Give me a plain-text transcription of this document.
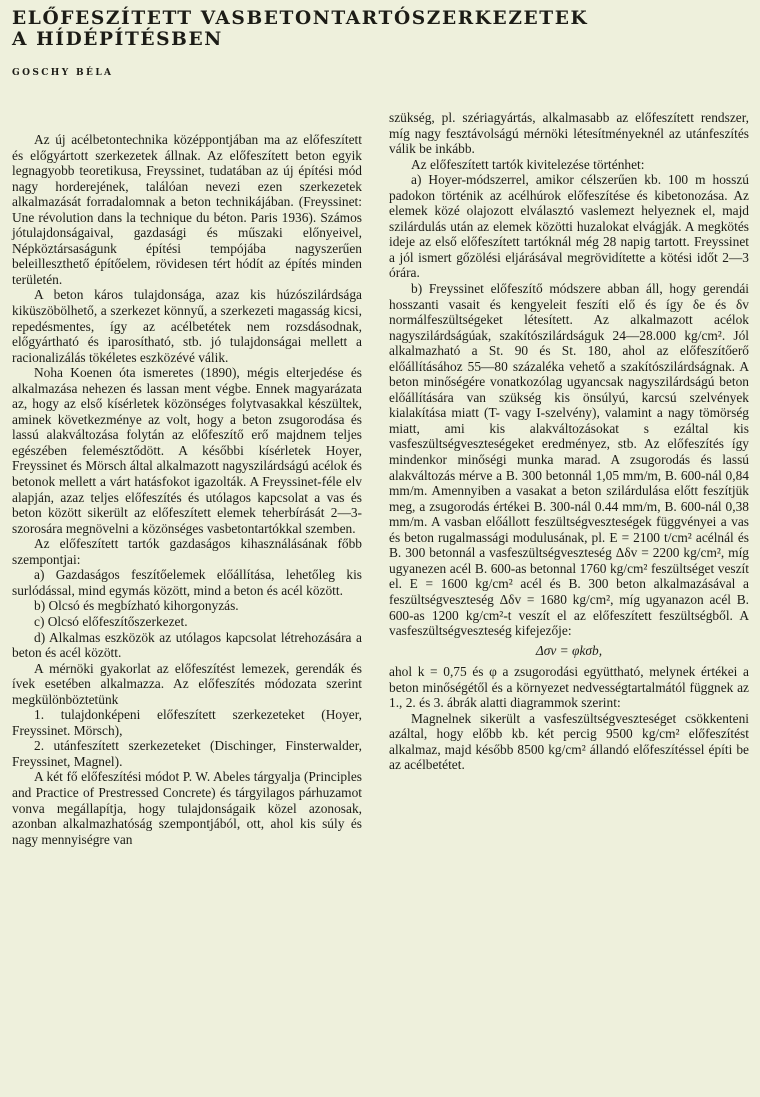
ELŐFESZÍTETT VASBETONTARTÓSZERKEZETEK
A HÍDÉPÍTÉSBEN
GOSCHY BÉLA

Az új acélbetontechnika középpontjában ma az előfeszített és előgyártott szerkezetek állnak. Az előfeszített beton egyik legnagyobb teoretikusa, Freyssinet, tudatában az új építési mód nagy horderejének, találóan nevezi ezen szerkezetek alkalmazását forradalomnak a beton technikájában. (Freyssinet: Une révolution dans la technique du béton. Paris 1936). Számos jótulajdonságaival, gazdasági és műszaki előnyeivel, Népköztársaságunk építési tempójába nagyszerűen beleilleszthető építőelem, rövidesen tért hódít az építés minden területén.

A beton káros tulajdonsága, azaz kis húzószilárdsága kiküszöbölhető, a szerkezet könnyű, a szerkezeti magasság kicsi, repedésmentes, így az acélbetétek nem rozsdásodnak, előgyártható és iparosítható, stb. jó tulajdonságai mellett a racionalizálás tökéletes eszközévé válik.

Noha Koenen óta ismeretes (1890), mégis elterjedése és alkalmazása nehezen és lassan ment végbe. Ennek magyarázata az, hogy az első kísérletek közönséges folytvasakkal készültek, aminek következménye az volt, hogy a beton zsugorodása és lassú alakváltozása folytán az előfeszítő erő majdnem teljes egészében felemésztődött. A későbbi kísérletek Hoyer, Freyssinet és Mörsch által alkalmazott nagyszilárdságú acélok és betonok mellett a várt hatásfokot igazolták. A Freyssinet-féle elv alapján, azaz teljes előfeszítés és utólagos kapcsolat a vas és beton között sikerült az előfeszített elemek teherbírását 2—3-szorosára megnövelni a közönséges vasbetontartókkal szemben.

Az előfeszített tartók gazdaságos kihasználásának főbb szempontjai:

a) Gazdaságos feszítőelemek előállítása, lehetőleg kis surlódással, mind egymás között, mind a beton és acél között.

b) Olcsó és megbízható kihorgonyzás.

c) Olcsó előfeszítőszerkezet.

d) Alkalmas eszközök az utólagos kapcsolat létrehozására a beton és acél között.

A mérnöki gyakorlat az előfeszítést lemezek, gerendák és ívek esetében alkalmazza. Az előfeszítés módozata szerint megkülönböztetünk

1. tulajdonképeni előfeszített szerkezeteket (Hoyer, Freyssinet. Mörsch),

2. utánfeszített szerkezeteket (Dischinger, Finsterwalder, Freyssinet, Magnel).

A két fő előfeszítési módot P. W. Abeles tárgyalja (Principles and Practice of Prestressed Concrete) és tárgyilagos párhuzamot vonva megállapítja, hogy tulajdonságaik közel azonosak, azonban alkalmazhatóság szempontjából, ott, ahol kis súly és nagy mennyiségre van

szükség, pl. szériagyártás, alkalmasabb az előfeszített rendszer, míg nagy fesztávolságú mérnöki létesítményeknél az utánfeszítés válik be inkább.

Az előfeszített tartók kivitelezése történhet:

a) Hoyer-módszerrel, amikor célszerűen kb. 100 m hosszú padokon történik az acélhúrok előfeszítése és kibetonozása. Az elemek közé olajozott elválasztó vaslemezt helyeznek el, majd szilárdulás után az elemek közötti huzalokat elvágják. A megkötés ideje az első előfeszített tartóknál még 28 napig tartott. Freyssinet a jól ismert gőzölési eljárásával megrövidítette a kötési időt 2—3 órára.

b) Freyssinet előfeszítő módszere abban áll, hogy gerendái hosszanti vasait és kengyeleit feszíti elő és így δe és δv normálfeszültségeket létesített. Az alkalmazott acélok nagyszilárdságúak, szakítószilárdságuk 24—28.000 kg/cm². Jól alkalmazható a St. 90 és St. 180, ahol az előfeszítőerő előállításához 55—80 százaléka vehető a szakítószilárdságnak. A beton minőségére vonatkozólag ugyancsak nagyszilárdságú beton előállítására van szükség kis önsúlyú, karcsú szelvények kialakítása miatt (T- vagy I-szelvény), valamint a nagy tömörség miatt, ami kis alakváltozásokat s ezáltal kis vasfeszültségveszteségeket eredményez, stb. Az előfeszítés így mindenkor minőségi munka marad. A zsugorodás és lassú alakváltozás mérve a B. 300 betonnál 1,05 mm/m, B. 600-nál 0,84 mm/m. Amennyiben a vasakat a beton szilárdulása előtt feszítjük meg, a zsugorodás értékei B. 300-nál 0.44 mm/m, B. 600-nál 0,38 mm/m. A vasban előállott feszültségveszteségek függvényei a vas és beton rugalmassági modulusának, pl. E = 2100 t/cm² acélnál és B. 300 betonnál a vasfeszültségveszteség Δδv = 2200 kg/cm², míg ugyanezen acél B. 600-as betonnal 1760 kg/cm² feszültséget veszít el. E = 1600 kg/cm² acél és B. 300 beton alkalmazásával a feszültségveszteség Δδv = 1680 kg/cm², míg ugyanazon acél B. 600-as 1200 kg/cm²-t veszít el az előfeszített feszültségből. A vasfeszültségveszteség kifejezője:

Δσv = φkσb,

ahol k = 0,75 és φ a zsugorodási együttható, melynek értékei a beton minőségétől és a környezet nedvességtartalmától függnek az 1., 2. és 3. ábrák alatti diagrammok szerint:

Magnelnek sikerült a vasfeszültségveszteséget csökkenteni azáltal, hogy előbb kb. két percig 9500 kg/cm² előfeszítést alkalmaz, majd később 8500 kg/cm² állandó előfeszítéssel építi be az acélbetétet.
